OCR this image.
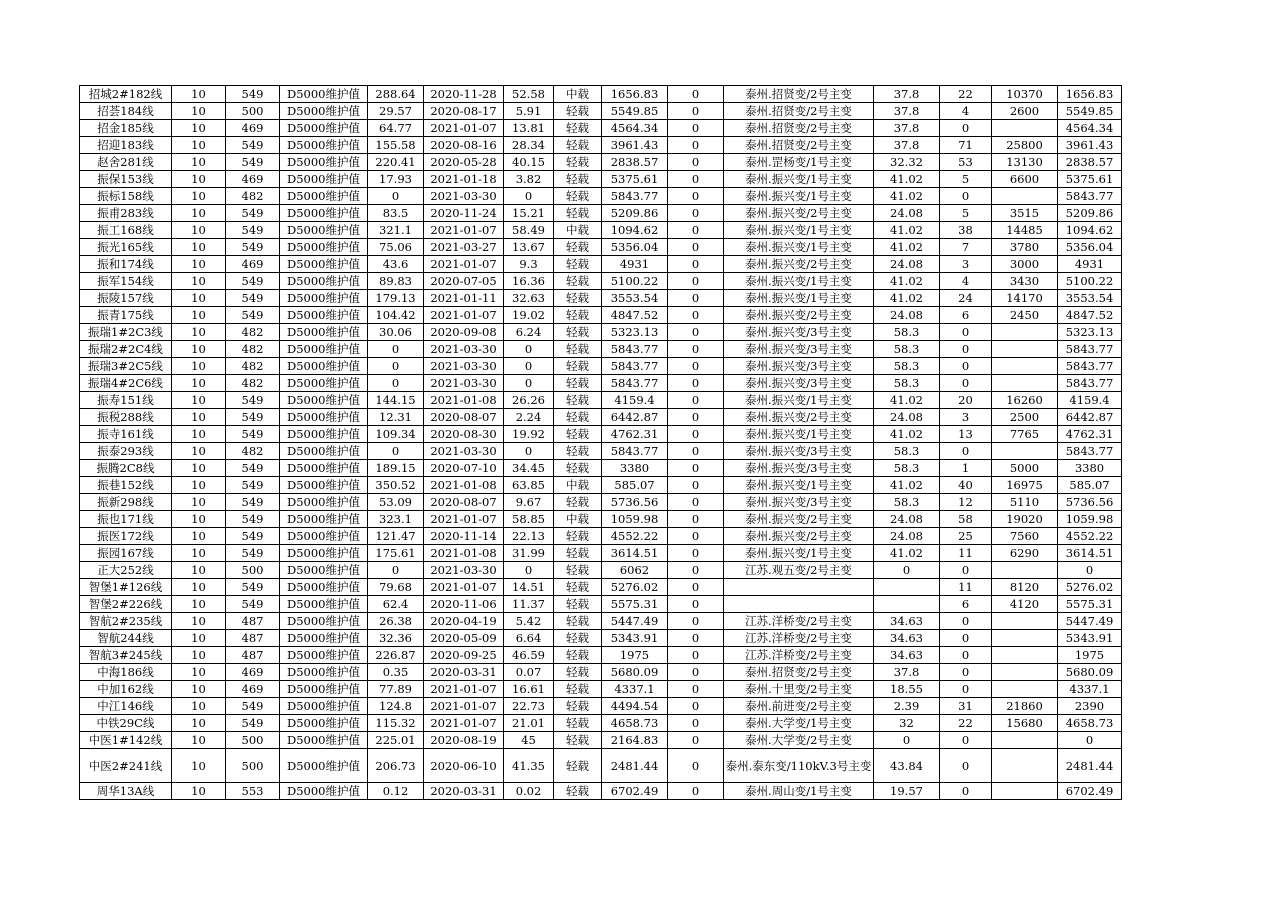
招城2#182线	10	549	D5000维护值	288.64	2020-11-28	52.58	中载	1656.83	0	泰州.招贤变/2号主变	37.8	22	10370	1656.83
招荟184线	10	500	D5000维护值	29.57	2020-08-17	5.91	轻载	5549.85	0	泰州.招贤变/2号主变	37.8	4	2600	5549.85
招金185线	10	469	D5000维护值	64.77	2021-01-07	13.81	轻载	4564.34	0	泰州.招贤变/2号主变	37.8	0		4564.34
招迎183线	10	549	D5000维护值	155.58	2020-08-16	28.34	轻载	3961.43	0	泰州.招贤变/2号主变	37.8	71	25800	3961.43
赵舍281线	10	549	D5000维护值	220.41	2020-05-28	40.15	轻载	2838.57	0	泰州.罡杨变/1号主变	32.32	53	13130	2838.57
振保153线	10	469	D5000维护值	17.93	2021-01-18	3.82	轻载	5375.61	0	泰州.振兴变/1号主变	41.02	5	6600	5375.61
振标158线	10	482	D5000维护值	0	2021-03-30	0	轻载	5843.77	0	泰州.振兴变/1号主变	41.02	0		5843.77
振甫283线	10	549	D5000维护值	83.5	2020-11-24	15.21	轻载	5209.86	0	泰州.振兴变/2号主变	24.08	5	3515	5209.86
振工168线	10	549	D5000维护值	321.1	2021-01-07	58.49	中载	1094.62	0	泰州.振兴变/1号主变	41.02	38	14485	1094.62
振光165线	10	549	D5000维护值	75.06	2021-03-27	13.67	轻载	5356.04	0	泰州.振兴变/1号主变	41.02	7	3780	5356.04
振和174线	10	469	D5000维护值	43.6	2021-01-07	9.3	轻载	4931	0	泰州.振兴变/2号主变	24.08	3	3000	4931
振军154线	10	549	D5000维护值	89.83	2020-07-05	16.36	轻载	5100.22	0	泰州.振兴变/1号主变	41.02	4	3430	5100.22
振陵157线	10	549	D5000维护值	179.13	2021-01-11	32.63	轻载	3553.54	0	泰州.振兴变/1号主变	41.02	24	14170	3553.54
振青175线	10	549	D5000维护值	104.42	2021-01-07	19.02	轻载	4847.52	0	泰州.振兴变/2号主变	24.08	6	2450	4847.52
振瑞1#2C3线	10	482	D5000维护值	30.06	2020-09-08	6.24	轻载	5323.13	0	泰州.振兴变/3号主变	58.3	0		5323.13
振瑞2#2C4线	10	482	D5000维护值	0	2021-03-30	0	轻载	5843.77	0	泰州.振兴变/3号主变	58.3	0		5843.77
振瑞3#2C5线	10	482	D5000维护值	0	2021-03-30	0	轻载	5843.77	0	泰州.振兴变/3号主变	58.3	0		5843.77
振瑞4#2C6线	10	482	D5000维护值	0	2021-03-30	0	轻载	5843.77	0	泰州.振兴变/3号主变	58.3	0		5843.77
振寿151线	10	549	D5000维护值	144.15	2021-01-08	26.26	轻载	4159.4	0	泰州.振兴变/1号主变	41.02	20	16260	4159.4
振税288线	10	549	D5000维护值	12.31	2020-08-07	2.24	轻载	6442.87	0	泰州.振兴变/2号主变	24.08	3	2500	6442.87
振寺161线	10	549	D5000维护值	109.34	2020-08-30	19.92	轻载	4762.31	0	泰州.振兴变/1号主变	41.02	13	7765	4762.31
振泰293线	10	482	D5000维护值	0	2021-03-30	0	轻载	5843.77	0	泰州.振兴变/3号主变	58.3	0		5843.77
振腾2C8线	10	549	D5000维护值	189.15	2020-07-10	34.45	轻载	3380	0	泰州.振兴变/3号主变	58.3	1	5000	3380
振巷152线	10	549	D5000维护值	350.52	2021-01-08	63.85	中载	585.07	0	泰州.振兴变/1号主变	41.02	40	16975	585.07
振新298线	10	549	D5000维护值	53.09	2020-08-07	9.67	轻载	5736.56	0	泰州.振兴变/3号主变	58.3	12	5110	5736.56
振也171线	10	549	D5000维护值	323.1	2021-01-07	58.85	中载	1059.98	0	泰州.振兴变/2号主变	24.08	58	19020	1059.98
振医172线	10	549	D5000维护值	121.47	2020-11-14	22.13	轻载	4552.22	0	泰州.振兴变/2号主变	24.08	25	7560	4552.22
振园167线	10	549	D5000维护值	175.61	2021-01-08	31.99	轻载	3614.51	0	泰州.振兴变/1号主变	41.02	11	6290	3614.51
正大252线	10	500	D5000维护值	0	2021-03-30	0	轻载	6062	0	江苏.观五变/2号主变	0	0		0
智堡1#126线	10	549	D5000维护值	79.68	2021-01-07	14.51	轻载	5276.02	0			11	8120	5276.02
智堡2#226线	10	549	D5000维护值	62.4	2020-11-06	11.37	轻载	5575.31	0			6	4120	5575.31
智航2#235线	10	487	D5000维护值	26.38	2020-04-19	5.42	轻载	5447.49	0	江苏.洋桥变/2号主变	34.63	0		5447.49
智航244线	10	487	D5000维护值	32.36	2020-05-09	6.64	轻载	5343.91	0	江苏.洋桥变/2号主变	34.63	0		5343.91
智航3#245线	10	487	D5000维护值	226.87	2020-09-25	46.59	轻载	1975	0	江苏.洋桥变/2号主变	34.63	0		1975
中海186线	10	469	D5000维护值	0.35	2020-03-31	0.07	轻载	5680.09	0	泰州.招贤变/2号主变	37.8	0		5680.09
中加162线	10	469	D5000维护值	77.89	2021-01-07	16.61	轻载	4337.1	0	泰州.十里变/2号主变	18.55	0		4337.1
中江146线	10	549	D5000维护值	124.8	2021-01-07	22.73	轻载	4494.54	0	泰州.前进变/2号主变	2.39	31	21860	2390
中铁29C线	10	549	D5000维护值	115.32	2021-01-07	21.01	轻载	4658.73	0	泰州.大学变/1号主变	32	22	15680	4658.73
中医1#142线	10	500	D5000维护值	225.01	2020-08-19	45	轻载	2164.83	0	泰州.大学变/2号主变	0	0		0
中医2#241线	10	500	D5000维护值	206.73	2020-06-10	41.35	轻载	2481.44	0	泰州.泰东变/110kV.3号主变	43.84	0		2481.44
周华13A线	10	553	D5000维护值	0.12	2020-03-31	0.02	轻载	6702.49	0	泰州.周山变/1号主变	19.57	0		6702.49
